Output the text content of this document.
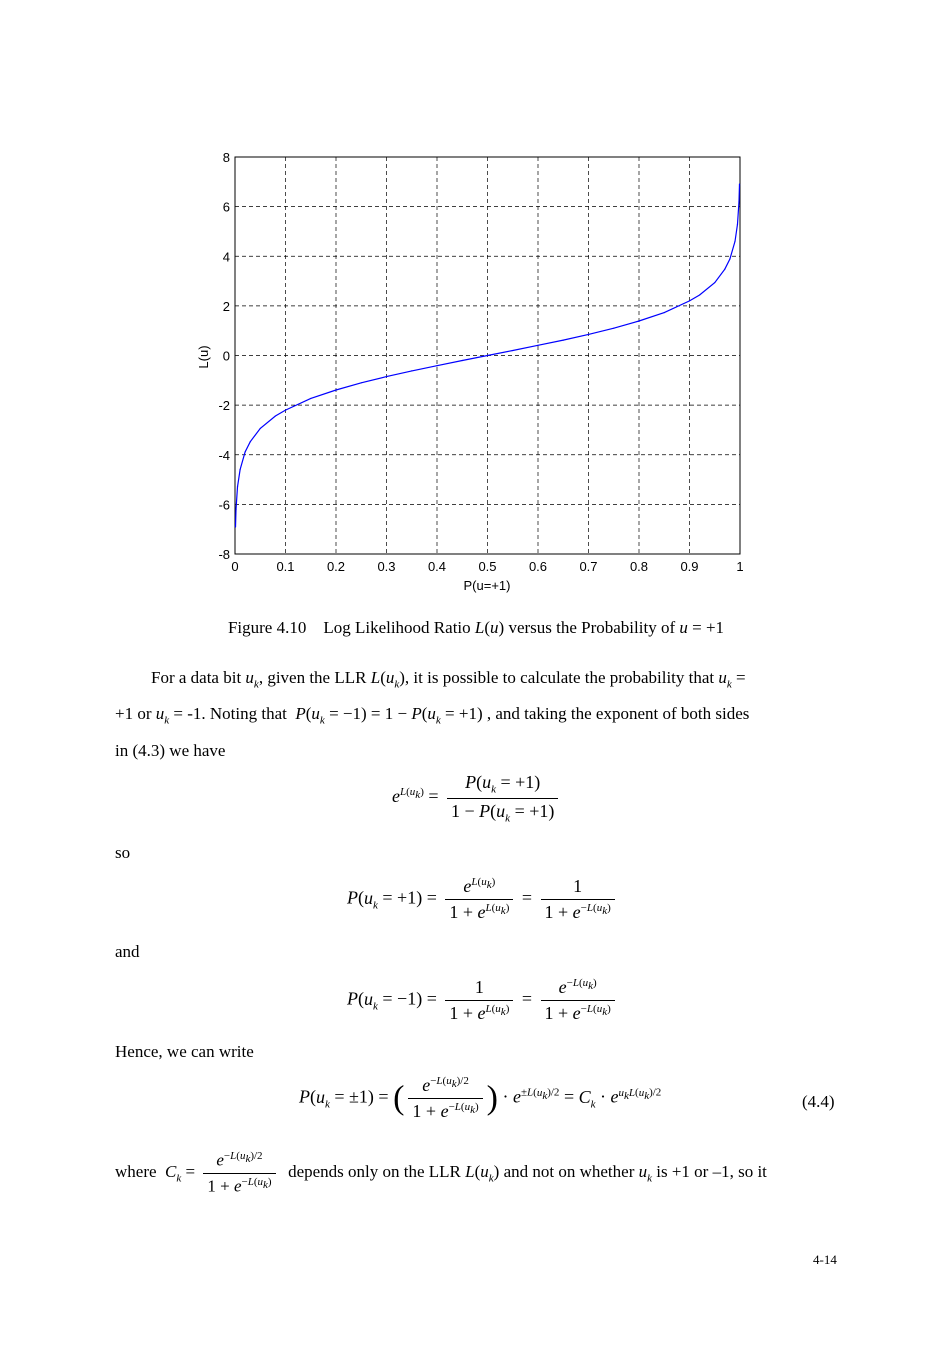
0	0.1 0.2 0.3 0.4 0.5 0.6 0.7 0.8 0.9	1
-8
-6
-4
-2
0
2
4
6
8
P(u=+1)
L(u)
Figure 4.10    Log Likelihood Ratio L(u) versus the Probability of u = +1
For a data bit $u_k$, given the LLR $L(u_k)$, it is possible to calculate the probability that $u_k$ =
+1 or $u_k = -1$. Noting that  $P(u_k = -1) = 1 - P(u_k = +1)$ , and taking the exponent of both sides
in (4.3) we have
$e^{L(u_k)} = \frac{P(u_k = +1)}{1 - P(u_k = +1)}$
so
$P(u_k = +1) = \frac{e^{L(u_k)}}{1 + e^{L(u_k)}} = \frac{1}{1 + e^{-L(u_k)}}$
and
$P(u_k = -1) = \frac{1}{1 + e^{L(u_k)}} = \frac{e^{-L(u_k)}}{1 + e^{-L(u_k)}}$
Hence, we can write
$P(u_k = \pm 1)$ = ( $\frac{e^{-L(u_k)/2}}{1 + e^{-L(u_k)}}$ ) · $e^{\pm L(u_k)/2} = C_k \cdot e^{u_kL(u_k)/2}$	(4.4)
where $C_k = \frac{e^{-L(u_k)/2}}{1 + e^{-L(u_k)}}$ depends only on the LLR $L(u_k)$ and not on whether $u_k$ is +1 or –1, so it
4-14
